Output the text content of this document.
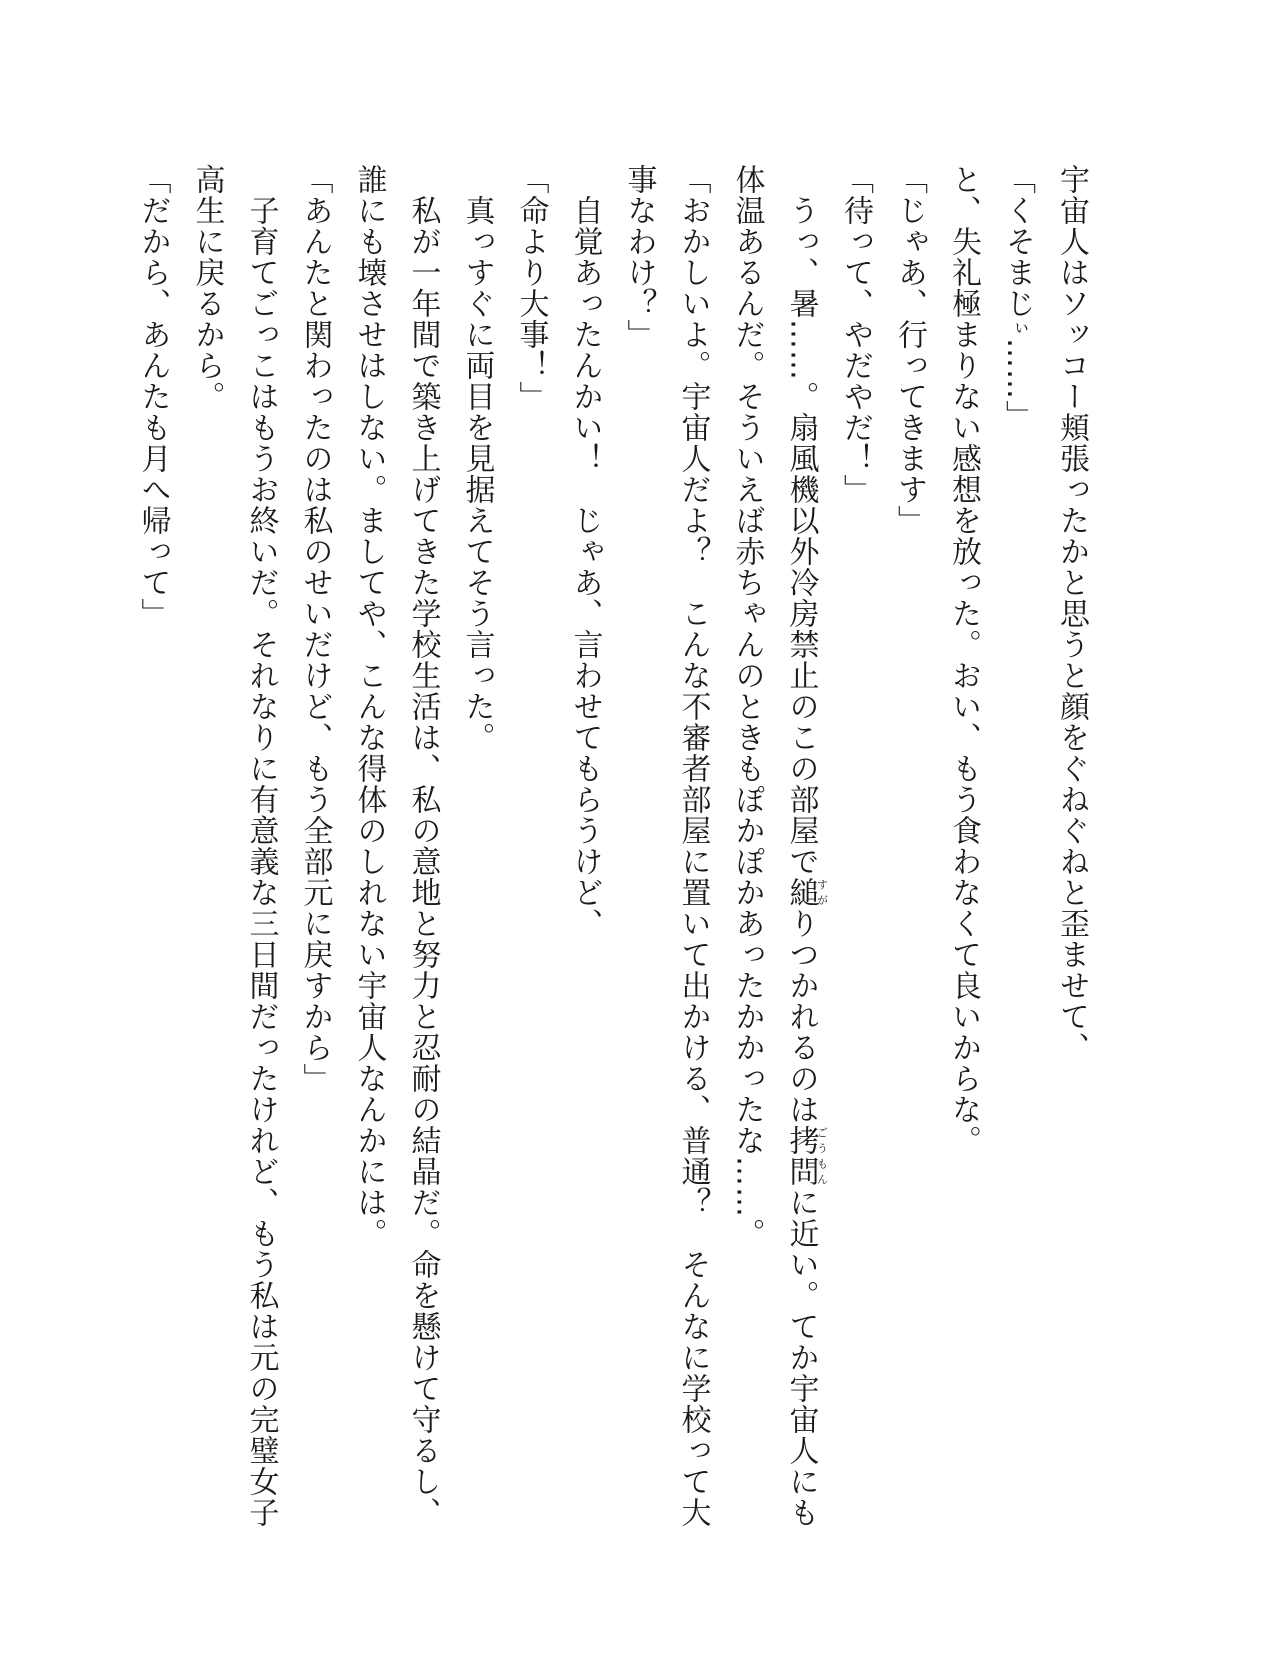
宇宙人はソッコー頬張ったかと思うと顔をぐねぐねと歪ませて、
「くそまじぃ……」
と、失礼極まりない感想を放った。おい、もう食わなくて良いからな。
「じゃあ、行ってきます」
「待って、やだやだ！」
　うっ、暑……。扇風機以外冷房禁止のこの部屋で縋すがりつかれるのは拷問ごうもんに近い。てか宇宙人にも
体温あるんだ。そういえば赤ちゃんのときもぽかぽかあったかかったな……。
「おかしいよ。宇宙人だよ？　こんな不審者部屋に置いて出かける、普通？　そんなに学校って大
事なわけ？」
　自覚あったんかい！　じゃあ、言わせてもらうけど、
「命より大事！」
　真っすぐに両目を見据えてそう言った。
　私が一年間で築き上げてきた学校生活は、私の意地と努力と忍耐の結晶だ。命を懸けて守るし、
誰にも壊させはしない。ましてや、こんな得体のしれない宇宙人なんかには。
「あんたと関わったのは私のせいだけど、もう全部元に戻すから」
　子育てごっこはもうお終いだ。それなりに有意義な三日間だったけれど、もう私は元の完璧女子
高生に戻るから。
「だから、あんたも月へ帰って」
